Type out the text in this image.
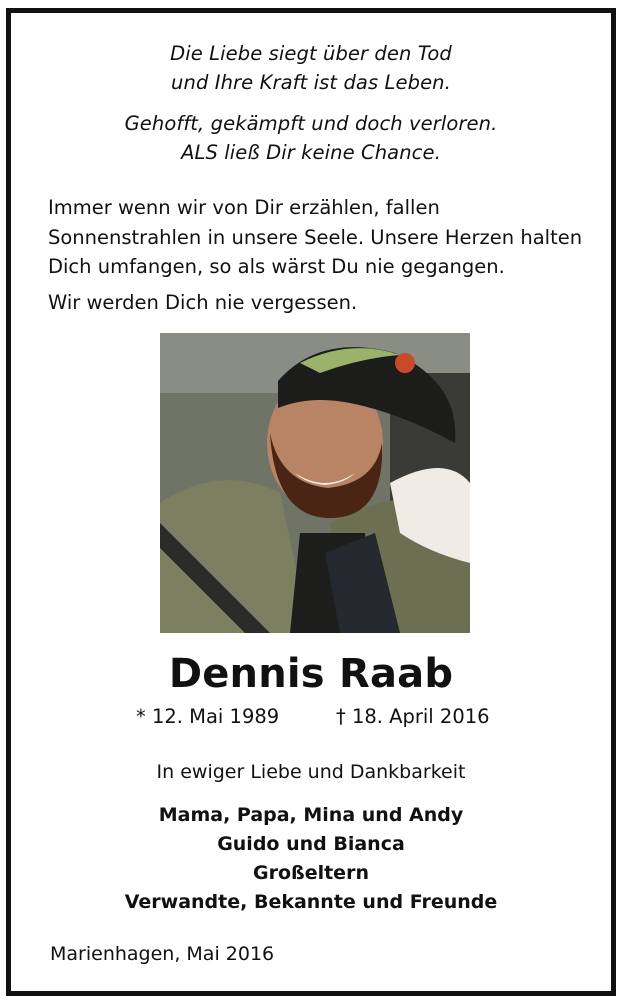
Die Liebe siegt über den Tod
und Ihre Kraft ist das Leben.
Gehofft, gekämpft und doch verloren.
ALS ließ Dir keine Chance.
Immer wenn wir von Dir erzählen, fallen Sonnenstrahlen in unsere Seele. Unsere Herzen halten Dich umfangen, so als wärst Du nie gegangen.
Wir werden Dich nie vergessen.
Dennis Raab
* 12. Mai 1989	† 18. April 2016
In ewiger Liebe und Dankbarkeit
Mama, Papa, Mina und Andy
Guido und Bianca
Großeltern
Verwandte, Bekannte und Freunde
Marienhagen, Mai 2016
